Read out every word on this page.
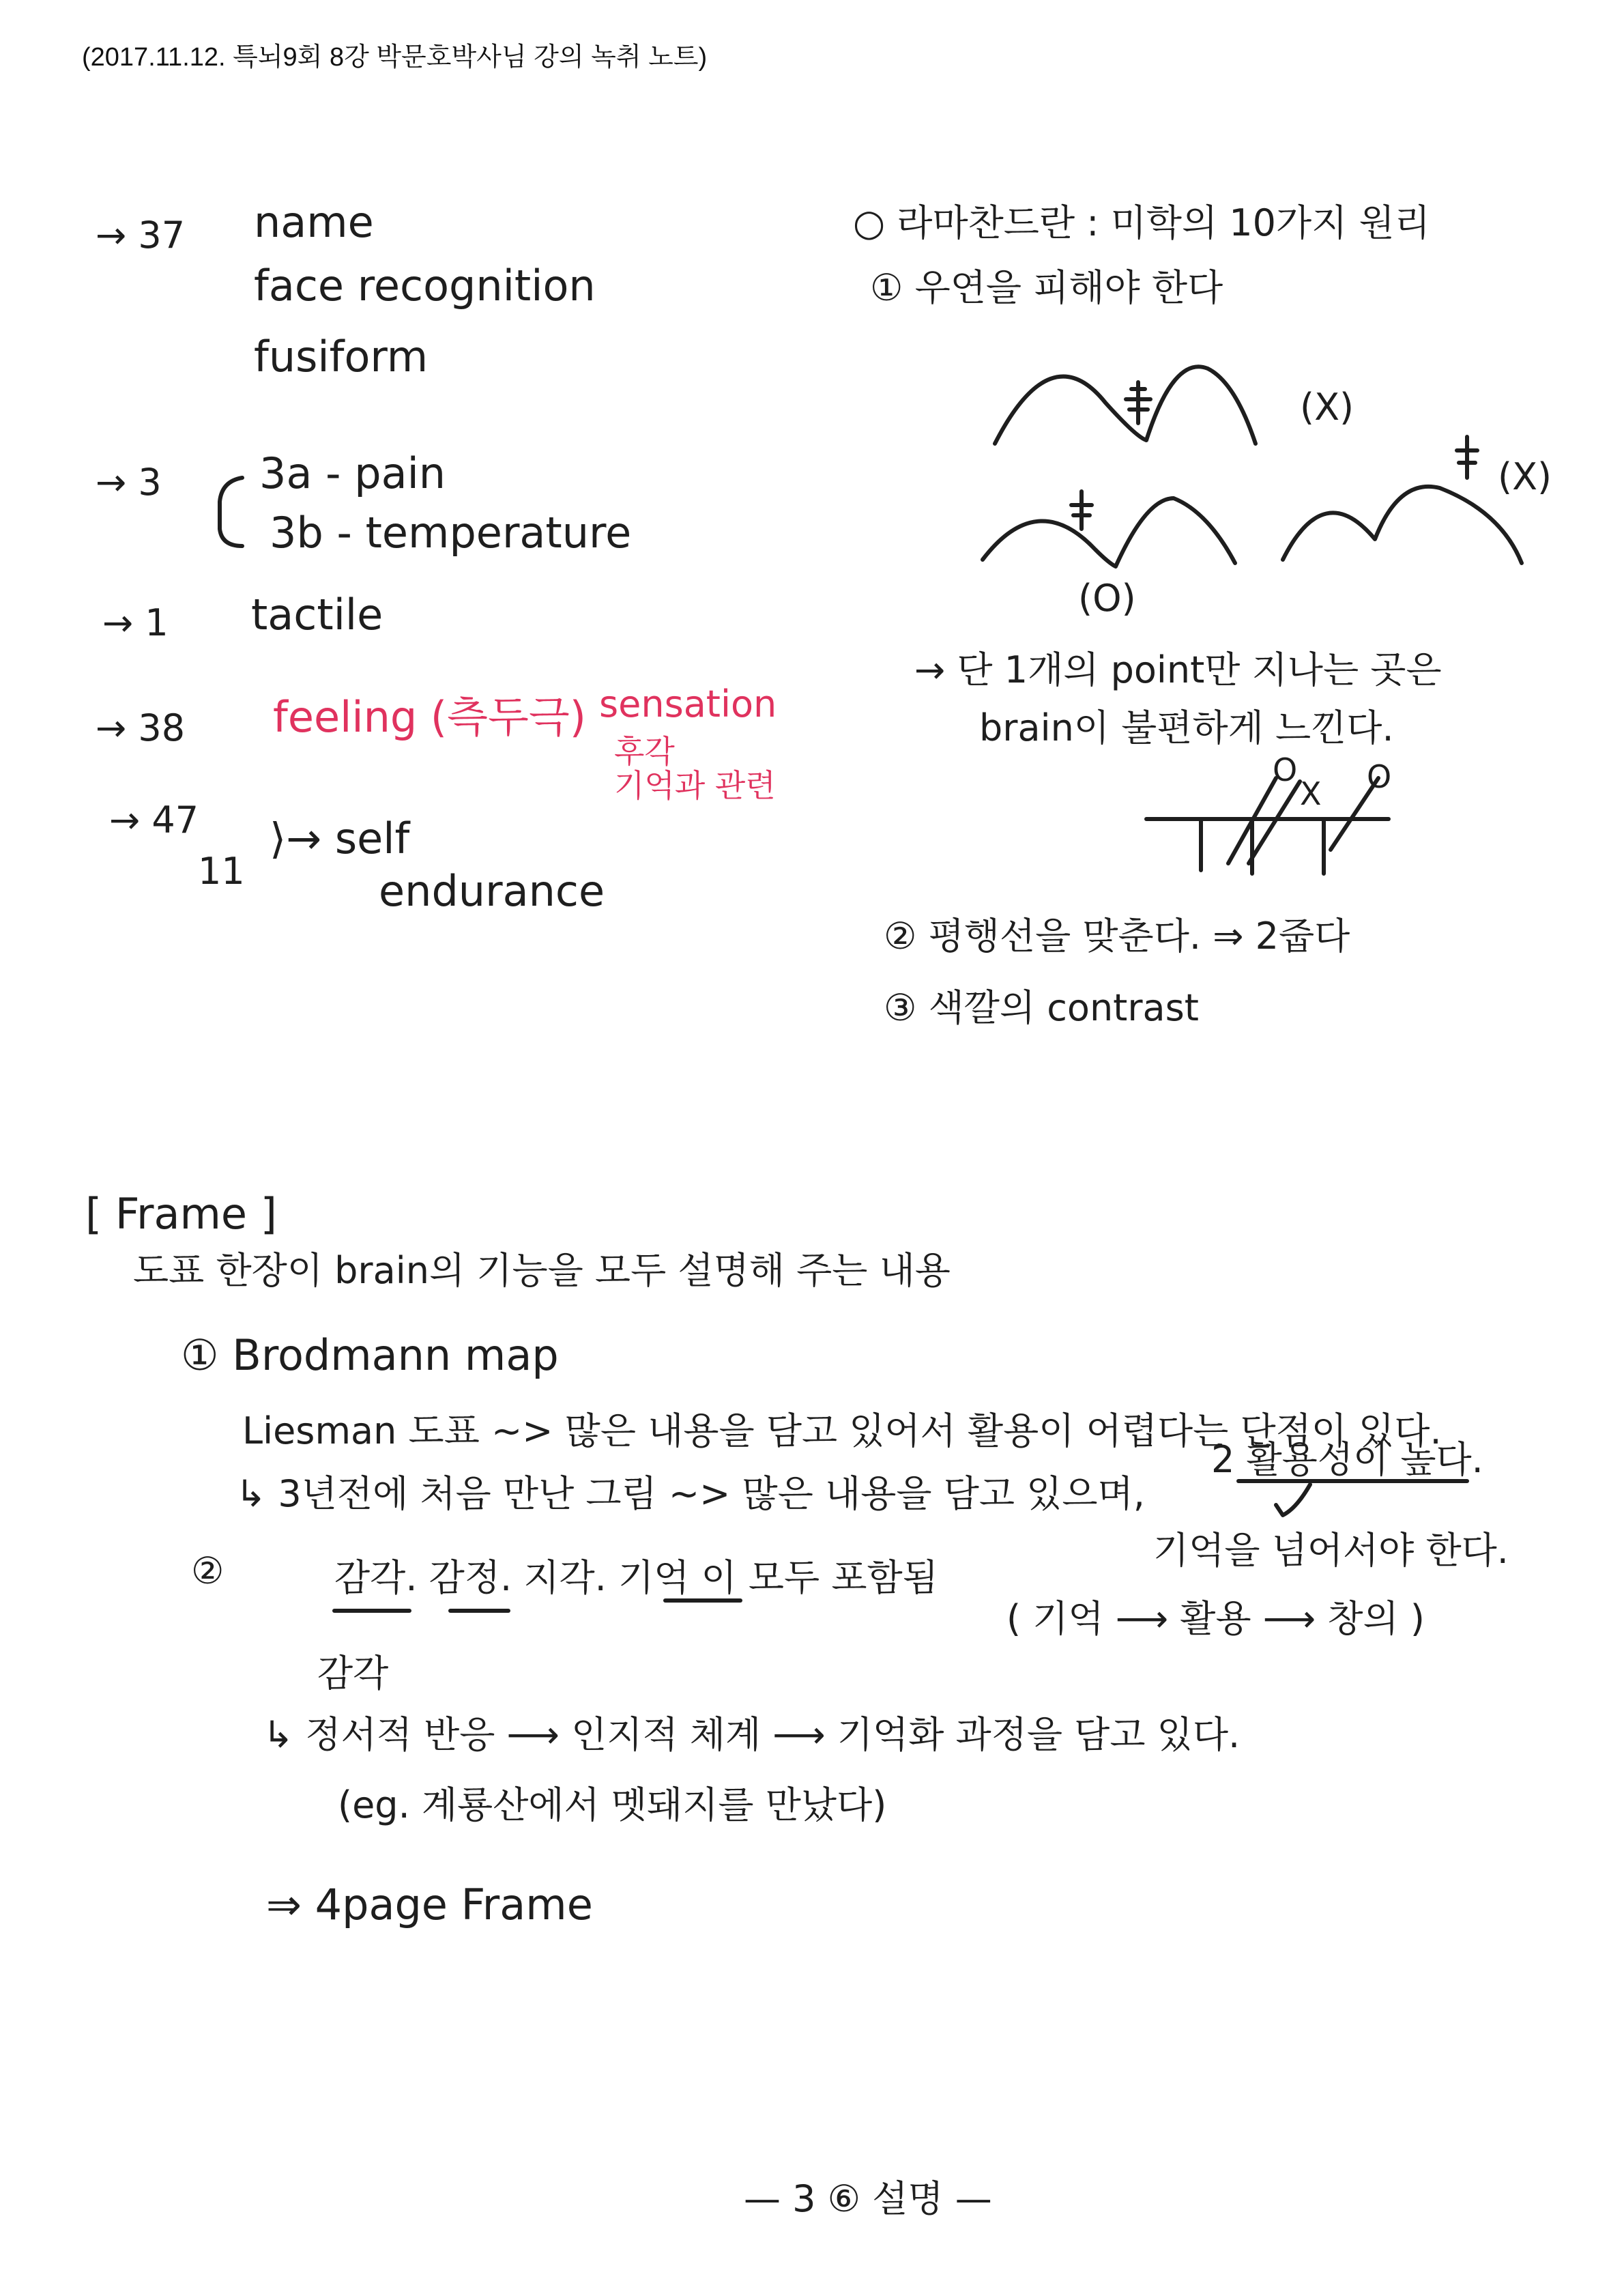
(2017.11.12. 특뇌9회 8강 박문호박사님 강의 녹취 노트)
→ 37 name
face recognition
fusiform
→ 3 3a - pain
3b - temperature
→ 1 tactile
→ 38 feeling (측두극) sensation
후각
기억과 관련
→ 47
11
⟩→ self
endurance
○ 라마찬드란 : 미학의 10가지 원리
① 우연을 피해야 한다
(X)
(X)
(O)
→ 단 1개의 point만 지나는 곳은
brain이 불편하게 느낀다.
O
X O
② 평행선을 맞춘다. ⇒ 2줍다
③ 색깔의 contrast
[ Frame ]
도표 한장이 brain의 기능을 모두 설명해 주는 내용
① Brodmann map
Liesman 도표 ~> 많은 내용을 담고 있어서 활용이 어렵다는 단점이 있다.
↳ 3년전에 처음 만난 그림 ~> 많은 내용을 담고 있으며,
2 활용성이 높다.
②	감각. 감정. 지각. 기억 이 모두 포함됨
기억을 넘어서야 한다.
( 기억 ⟶ 활용 ⟶ 창의 )
감각
↳ 정서적 반응 ⟶ 인지적 체계 ⟶ 기억화 과정을 담고 있다.
(eg. 계룡산에서 멧돼지를 만났다)
⇒ 4page Frame
— 3 ⑥ 설명 —
